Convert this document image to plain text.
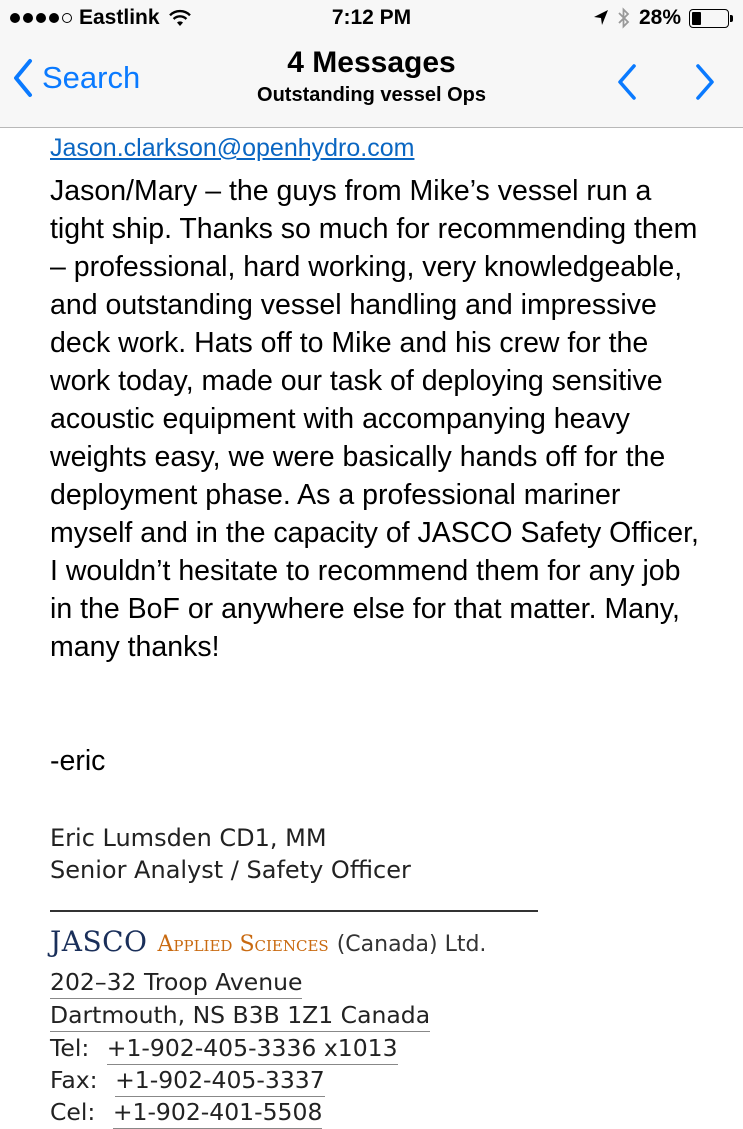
Eastlink	7:12 PM	28%
Search	4 Messages
Outstanding vessel Ops
Jason.clarkson@openhydro.com
Jason/Mary – the guys from Mike’s vessel run a tight ship. Thanks so much for recommending them – professional, hard working, very knowledgeable, and outstanding vessel handling and impressive deck work. Hats off to Mike and his crew for the work today, made our task of deploying sensitive acoustic equipment with accompanying heavy weights easy, we were basically hands off for the deployment phase. As a professional mariner myself and in the capacity of JASCO Safety Officer, I wouldn’t hesitate to recommend them for any job in the BoF or anywhere else for that matter. Many, many thanks!
-eric
Eric Lumsden CD1, MM
Senior Analyst / Safety Officer
JASCO Applied Sciences (Canada) Ltd.
202–32 Troop Avenue
Dartmouth, NS B3B 1Z1 Canada
Tel: +1-902-405-3336 x1013
Fax: +1-902-405-3337
Cel: +1-902-401-5508
